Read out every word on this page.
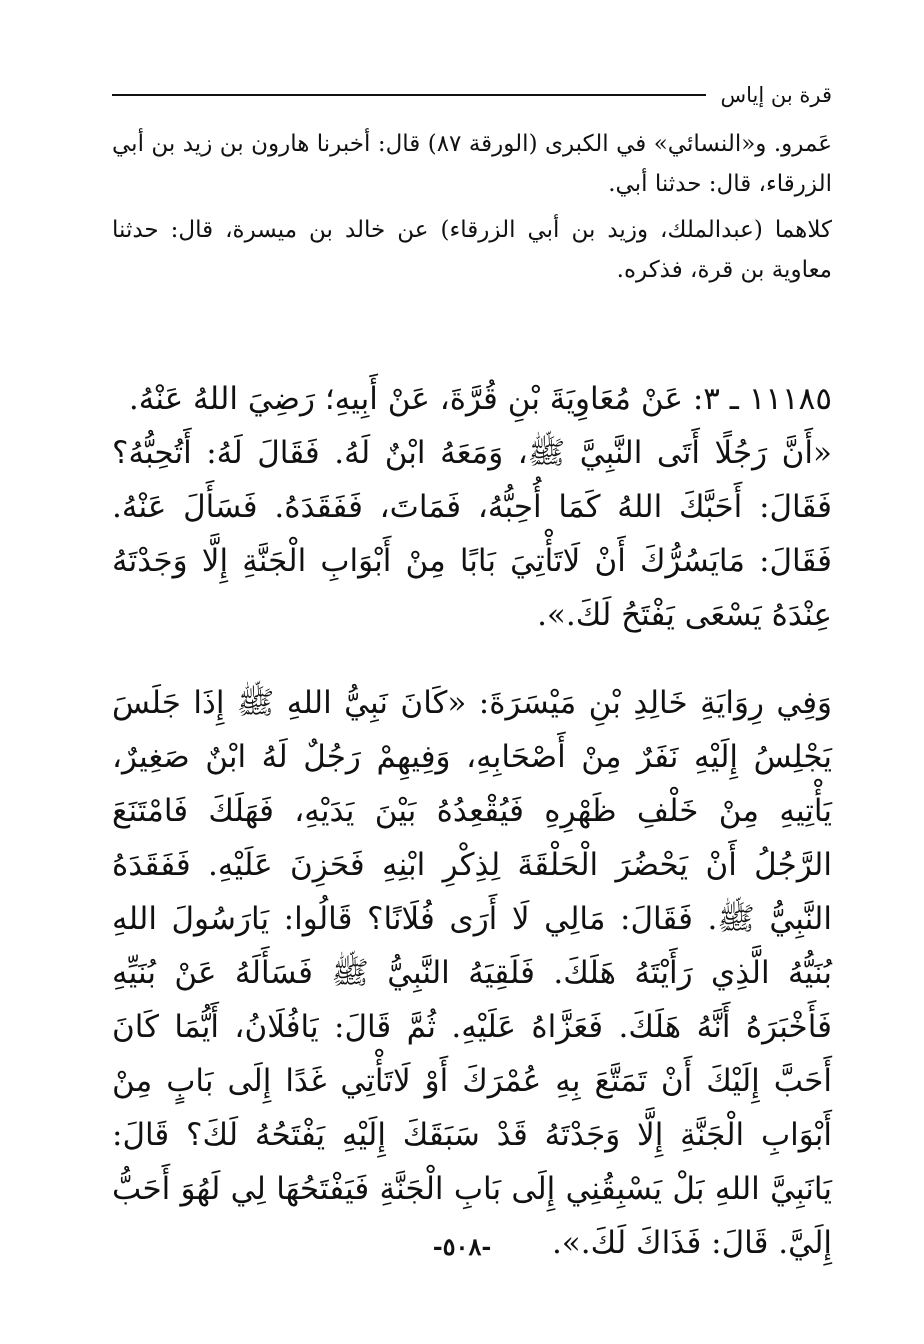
قرة بن إياس

عَمرو. و«النسائي» في الكبرى (الورقة ٨٧) قال: أخبرنا هارون بن زيد بن أبي الزرقاء، قال: حدثنا أبي.

كلاهما (عبدالملك، وزيد بن أبي الزرقاء) عن خالد بن ميسرة، قال: حدثنا معاوية بن قرة، فذكره.

١١١٨٥ ـ ٣: عَنْ مُعَاوِيَةَ بْنِ قُرَّةَ، عَنْ أَبِيهِ؛ رَضِيَ اللهُ عَنْهُ.

«أَنَّ رَجُلًا أَتَى النَّبِيَّ ﷺ، وَمَعَهُ ابْنٌ لَهُ. فَقَالَ لَهُ: أَتُحِبُّهُ؟ فَقَالَ: أَحَبَّكَ اللهُ كَمَا أُحِبُّهُ، فَمَاتَ، فَفَقَدَهُ. فَسَأَلَ عَنْهُ. فَقَالَ: مَايَسُرُّكَ أَنْ لَاتَأْتِيَ بَابًا مِنْ أَبْوَابِ الْجَنَّةِ إِلَّا وَجَدْتَهُ عِنْدَهُ يَسْعَى يَفْتَحُ لَكَ.».

وَفِي رِوَايَةِ خَالِدِ بْنِ مَيْسَرَةَ: «كَانَ نَبِيُّ اللهِ ﷺ إِذَا جَلَسَ يَجْلِسُ إِلَيْهِ نَفَرٌ مِنْ أَصْحَابِهِ، وَفِيهِمْ رَجُلٌ لَهُ ابْنٌ صَغِيرٌ، يَأْتِيهِ مِنْ خَلْفِ ظَهْرِهِ فَيُقْعِدُهُ بَيْنَ يَدَيْهِ، فَهَلَكَ فَامْتَنَعَ الرَّجُلُ أَنْ يَحْضُرَ الْحَلْقَةَ لِذِكْرِ ابْنِهِ فَحَزِنَ عَلَيْهِ. فَفَقَدَهُ النَّبِيُّ ﷺ. فَقَالَ: مَالِي لَا أَرَى فُلَانًا؟ قَالُوا: يَارَسُولَ اللهِ بُنَيُّهُ الَّذِي رَأَيْتَهُ هَلَكَ. فَلَقِيَهُ النَّبِيُّ ﷺ فَسَأَلَهُ عَنْ بُنَيِّهِ فَأَخْبَرَهُ أَنَّهُ هَلَكَ. فَعَزَّاهُ عَلَيْهِ. ثُمَّ قَالَ: يَافُلَانُ، أَيُّمَا كَانَ أَحَبَّ إِلَيْكَ أَنْ تَمَتَّعَ بِهِ عُمْرَكَ أَوْ لَاتَأْتِي غَدًا إِلَى بَابٍ مِنْ أَبْوَابِ الْجَنَّةِ إِلَّا وَجَدْتَهُ قَدْ سَبَقَكَ إِلَيْهِ يَفْتَحُهُ لَكَ؟ قَالَ: يَانَبِيَّ اللهِ بَلْ يَسْبِقُنِي إِلَى بَابِ الْجَنَّةِ فَيَفْتَحُهَا لِي لَهُوَ أَحَبُّ إِلَيَّ. قَالَ: فَذَاكَ لَكَ.».

-٥٠٨-
